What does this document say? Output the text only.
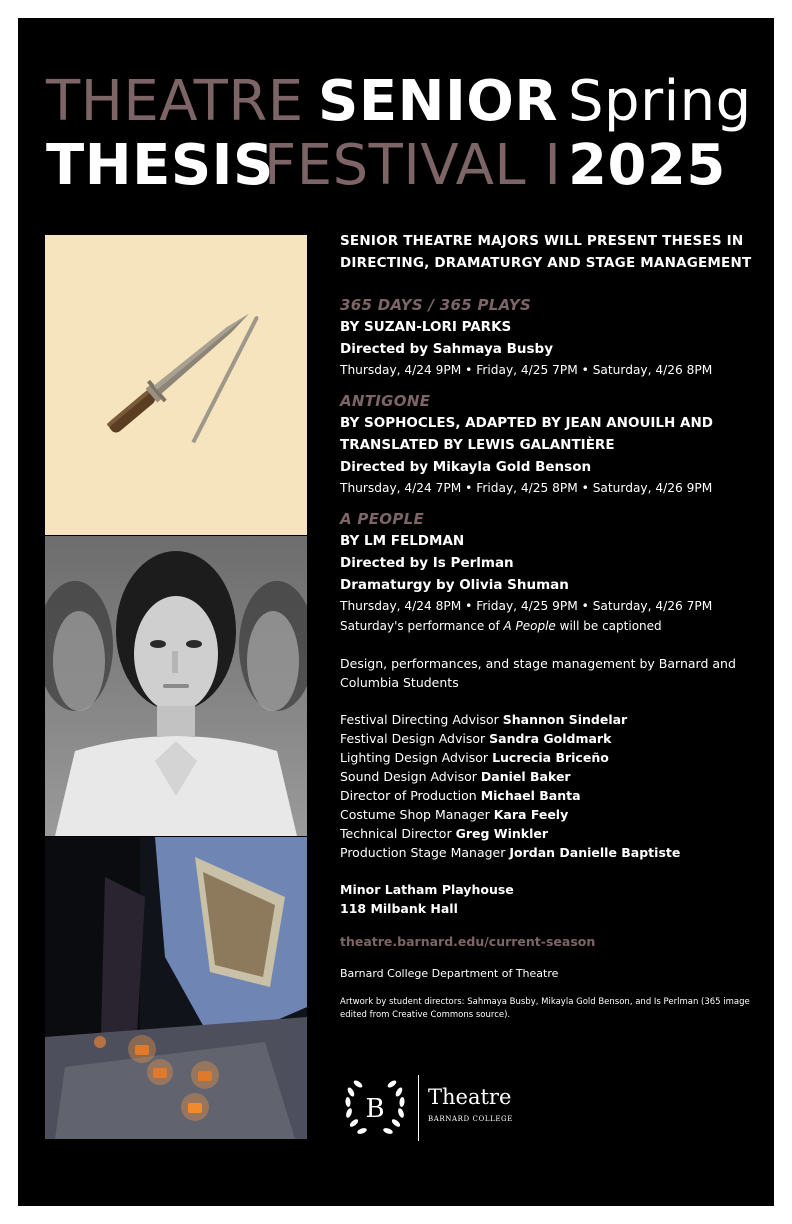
THEATRE SENIOR Spring
THESIS
FESTIVAL I 2025
SENIOR THEATRE MAJORS WILL PRESENT THESES IN DIRECTING, DRAMATURGY AND STAGE MANAGEMENT
365 DAYS / 365 PLAYS
BY SUZAN-LORI PARKS
Directed by Sahmaya Busby
Thursday, 4/24 9PM • Friday, 4/25 7PM • Saturday, 4/26 8PM
ANTIGONE
BY SOPHOCLES, ADAPTED BY JEAN ANOUILH AND TRANSLATED BY LEWIS GALANTIÈRE
Directed by Mikayla Gold Benson
Thursday, 4/24 7PM • Friday, 4/25 8PM • Saturday, 4/26 9PM
A PEOPLE
BY LM FELDMAN
Directed by Is Perlman
Dramaturgy by Olivia Shuman
Thursday, 4/24 8PM • Friday, 4/25 9PM • Saturday, 4/26 7PM
Saturday's performance of A People will be captioned
Design, performances, and stage management by Barnard and Columbia Students
Festival Directing Advisor Shannon Sindelar
Festival Design Advisor Sandra Goldmark
Lighting Design Advisor Lucrecia Briceño
Sound Design Advisor Daniel Baker
Director of Production Michael Banta
Costume Shop Manager Kara Feely
Technical Director Greg Winkler
Production Stage Manager Jordan Danielle Baptiste
Minor Latham Playhouse
118 Milbank Hall
theatre.barnard.edu/current-season
Barnard College Department of Theatre
Artwork by student directors: Sahmaya Busby, Mikayla Gold Benson, and Is Perlman (365 image edited from Creative Commons source).
B Theatre
BARNARD COLLEGE
